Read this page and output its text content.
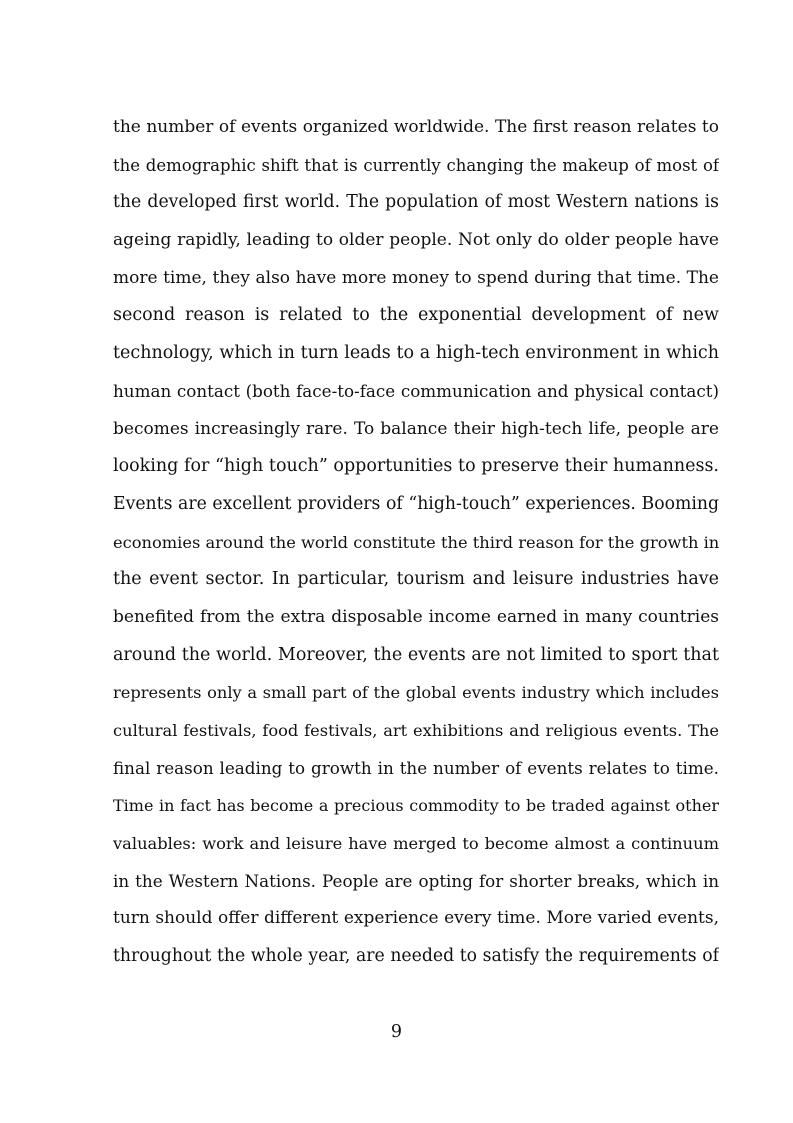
the number of events organized worldwide. The first reason relates to
the demographic shift that is currently changing the makeup of most of
the developed first world. The population of most Western nations is
ageing rapidly, leading to older people. Not only do older people have
more time, they also have more money to spend during that time. The
second reason is related to the exponential development of new
technology, which in turn leads to a high-tech environment in which
human contact (both face-to-face communication and physical contact)
becomes increasingly rare. To balance their high-tech life, people are
looking for “high touch” opportunities to preserve their humanness.
Events are excellent providers of “high-touch” experiences. Booming
economies around the world constitute the third reason for the growth in
the event sector. In particular, tourism and leisure industries have
benefited from the extra disposable income earned in many countries
around the world. Moreover, the events are not limited to sport that
represents only a small part of the global events industry which includes
cultural festivals, food festivals, art exhibitions and religious events. The
final reason leading to growth in the number of events relates to time.
Time in fact has become a precious commodity to be traded against other
valuables: work and leisure have merged to become almost a continuum
in the Western Nations. People are opting for shorter breaks, which in
turn should offer different experience every time. More varied events,
throughout the whole year, are needed to satisfy the requirements of
9
